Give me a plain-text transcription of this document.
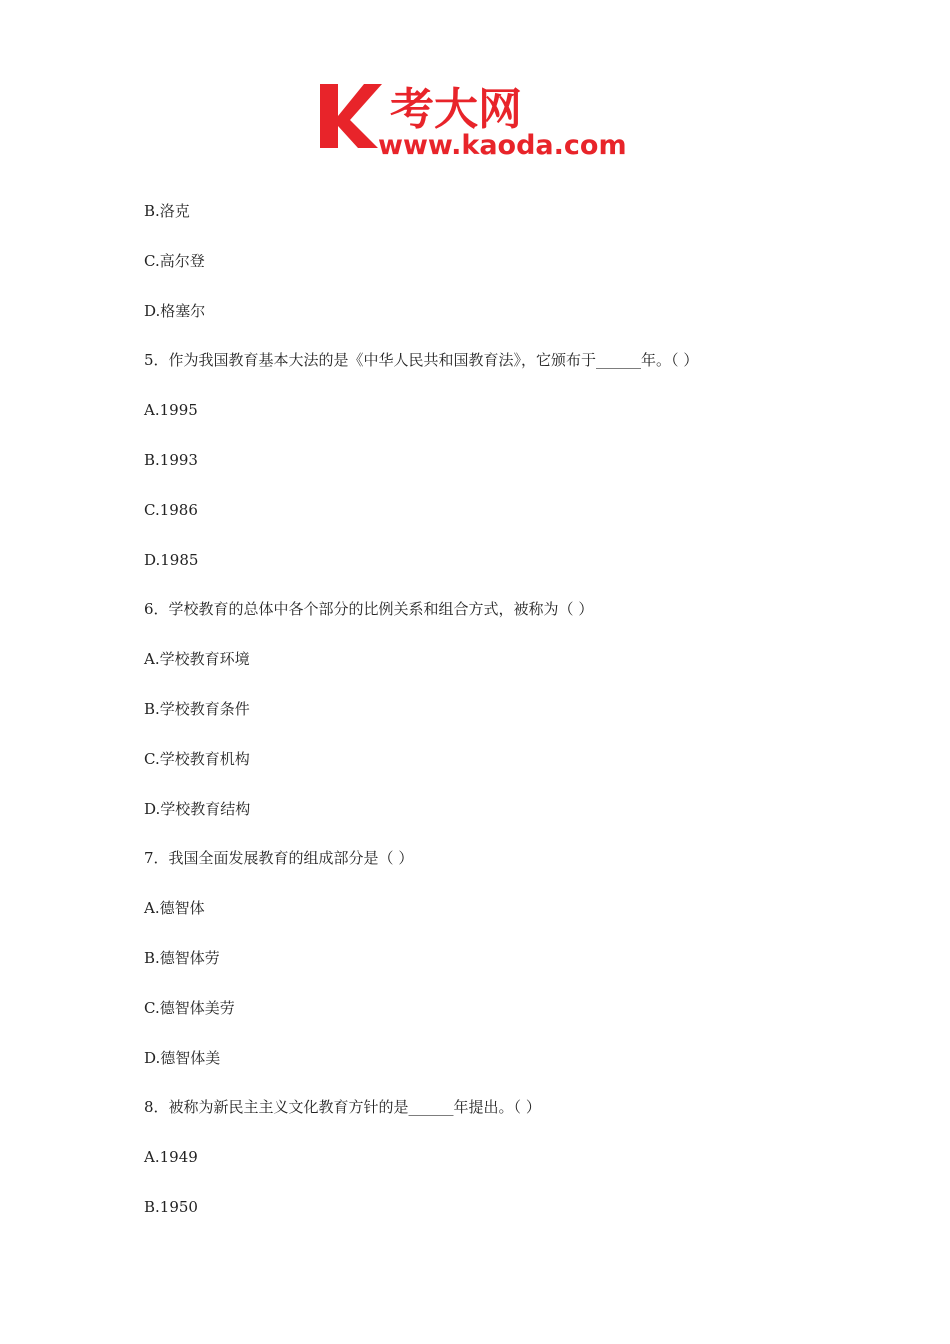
考大网
www.kaoda.com
B.洛克
C.高尔登
D.格塞尔
5．作为我国教育基本大法的是《中华人民共和国教育法》，它颁布于______年。（ ）
A.1995
B.1993
C.1986
D.1985
6．学校教育的总体中各个部分的比例关系和组合方式，被称为（ ）
A.学校教育环境
B.学校教育条件
C.学校教育机构
D.学校教育结构
7．我国全面发展教育的组成部分是（ ）
A.德智体
B.德智体劳
C.德智体美劳
D.德智体美
8．被称为新民主主义文化教育方针的是______年提出。（ ）
A.1949
B.1950
